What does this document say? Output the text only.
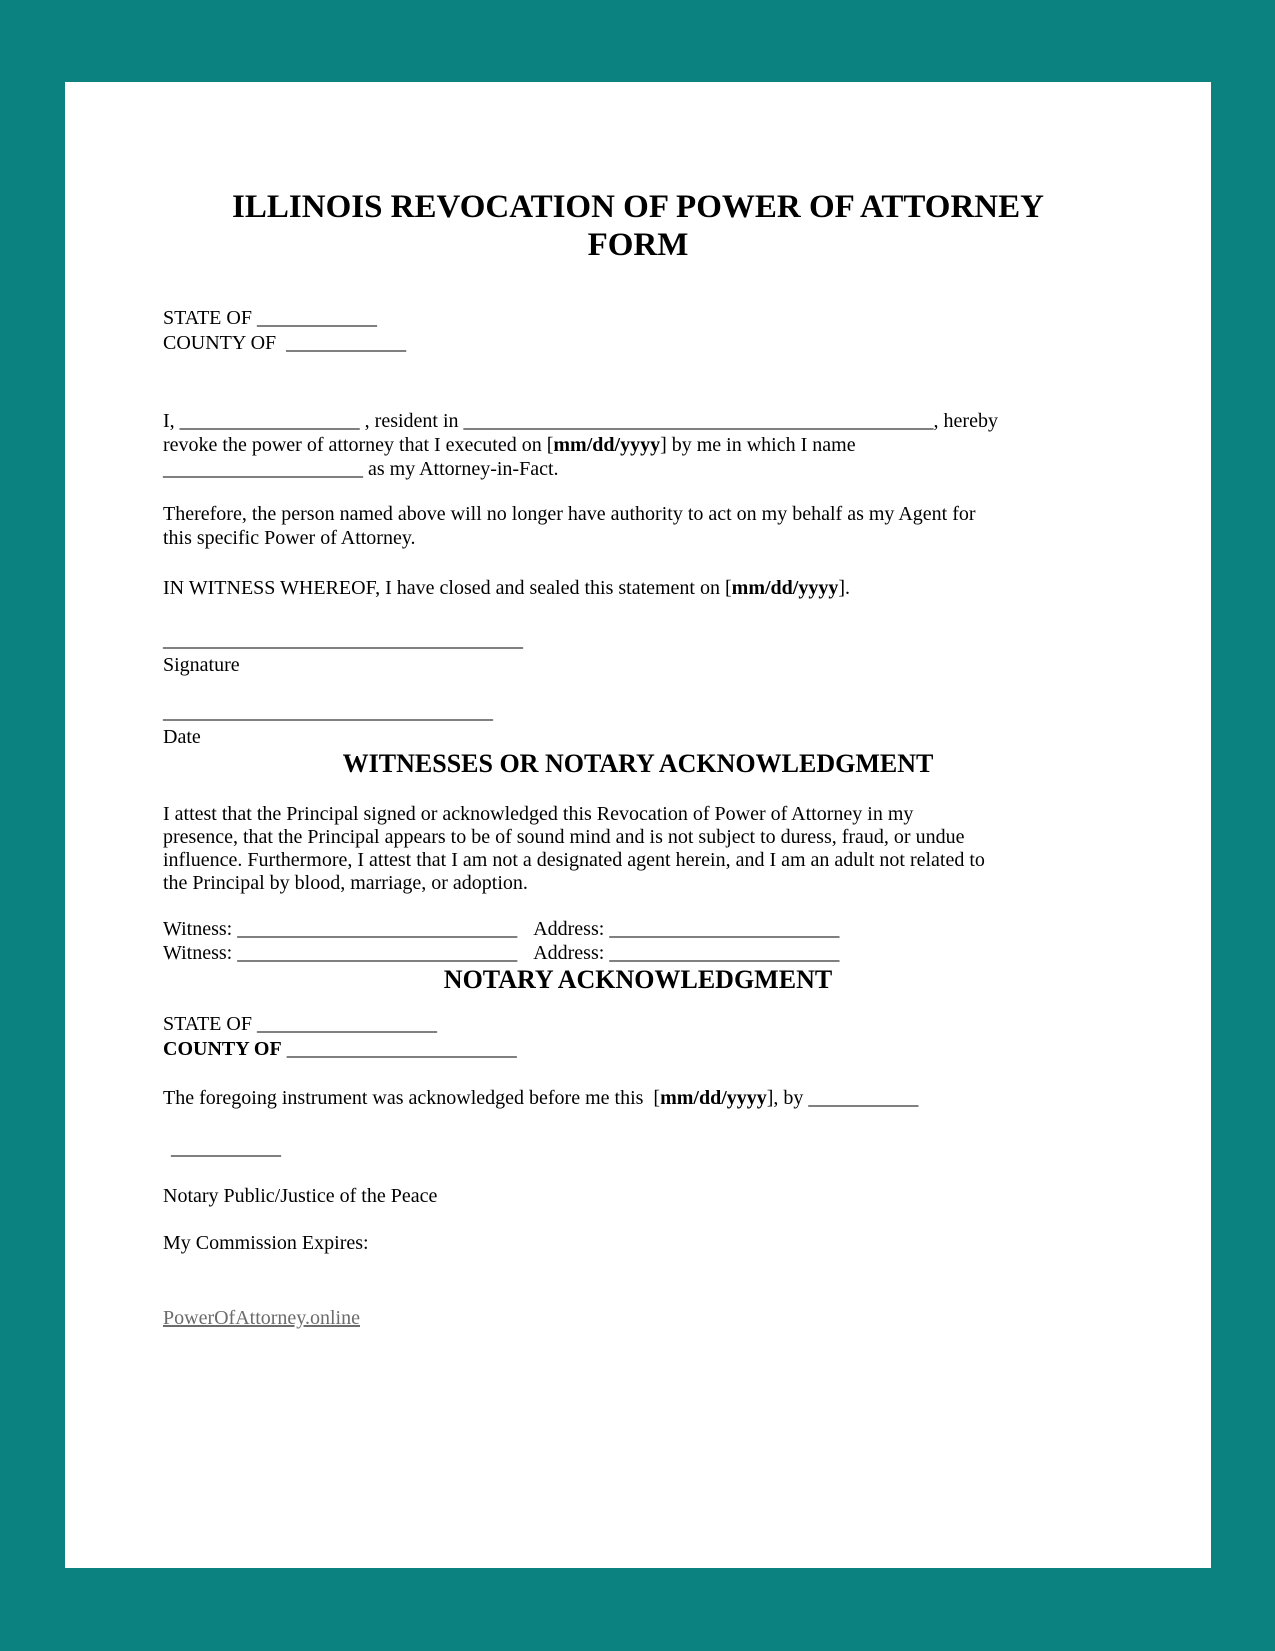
ILLINOIS REVOCATION OF POWER OF ATTORNEY
FORM
STATE OF ____________
COUNTY OF  ____________
I, __________________ , resident in _______________________________________________, hereby
revoke the power of attorney that I executed on [mm/dd/yyyy] by me in which I name
____________________ as my Attorney-in-Fact.
Therefore, the person named above will no longer have authority to act on my behalf as my Agent for
this specific Power of Attorney.
IN WITNESS WHEREOF, I have closed and sealed this statement on [mm/dd/yyyy].
____________________________________
Signature
_________________________________
Date
WITNESSES OR NOTARY ACKNOWLEDGMENT
I attest that the Principal signed or acknowledged this Revocation of Power of Attorney in my
presence, that the Principal appears to be of sound mind and is not subject to duress, fraud, or undue
influence. Furthermore, I attest that I am not a designated agent herein, and I am an adult not related to
the Principal by blood, marriage, or adoption.
Witness: ____________________________ Address: _______________________
Witness: ____________________________ Address: _______________________
NOTARY ACKNOWLEDGMENT
STATE OF __________________
COUNTY OF _______________________
The foregoing instrument was acknowledged before me this  [mm/dd/yyyy], by ___________
___________
Notary Public/Justice of the Peace
My Commission Expires:
PowerOfAttorney.online
